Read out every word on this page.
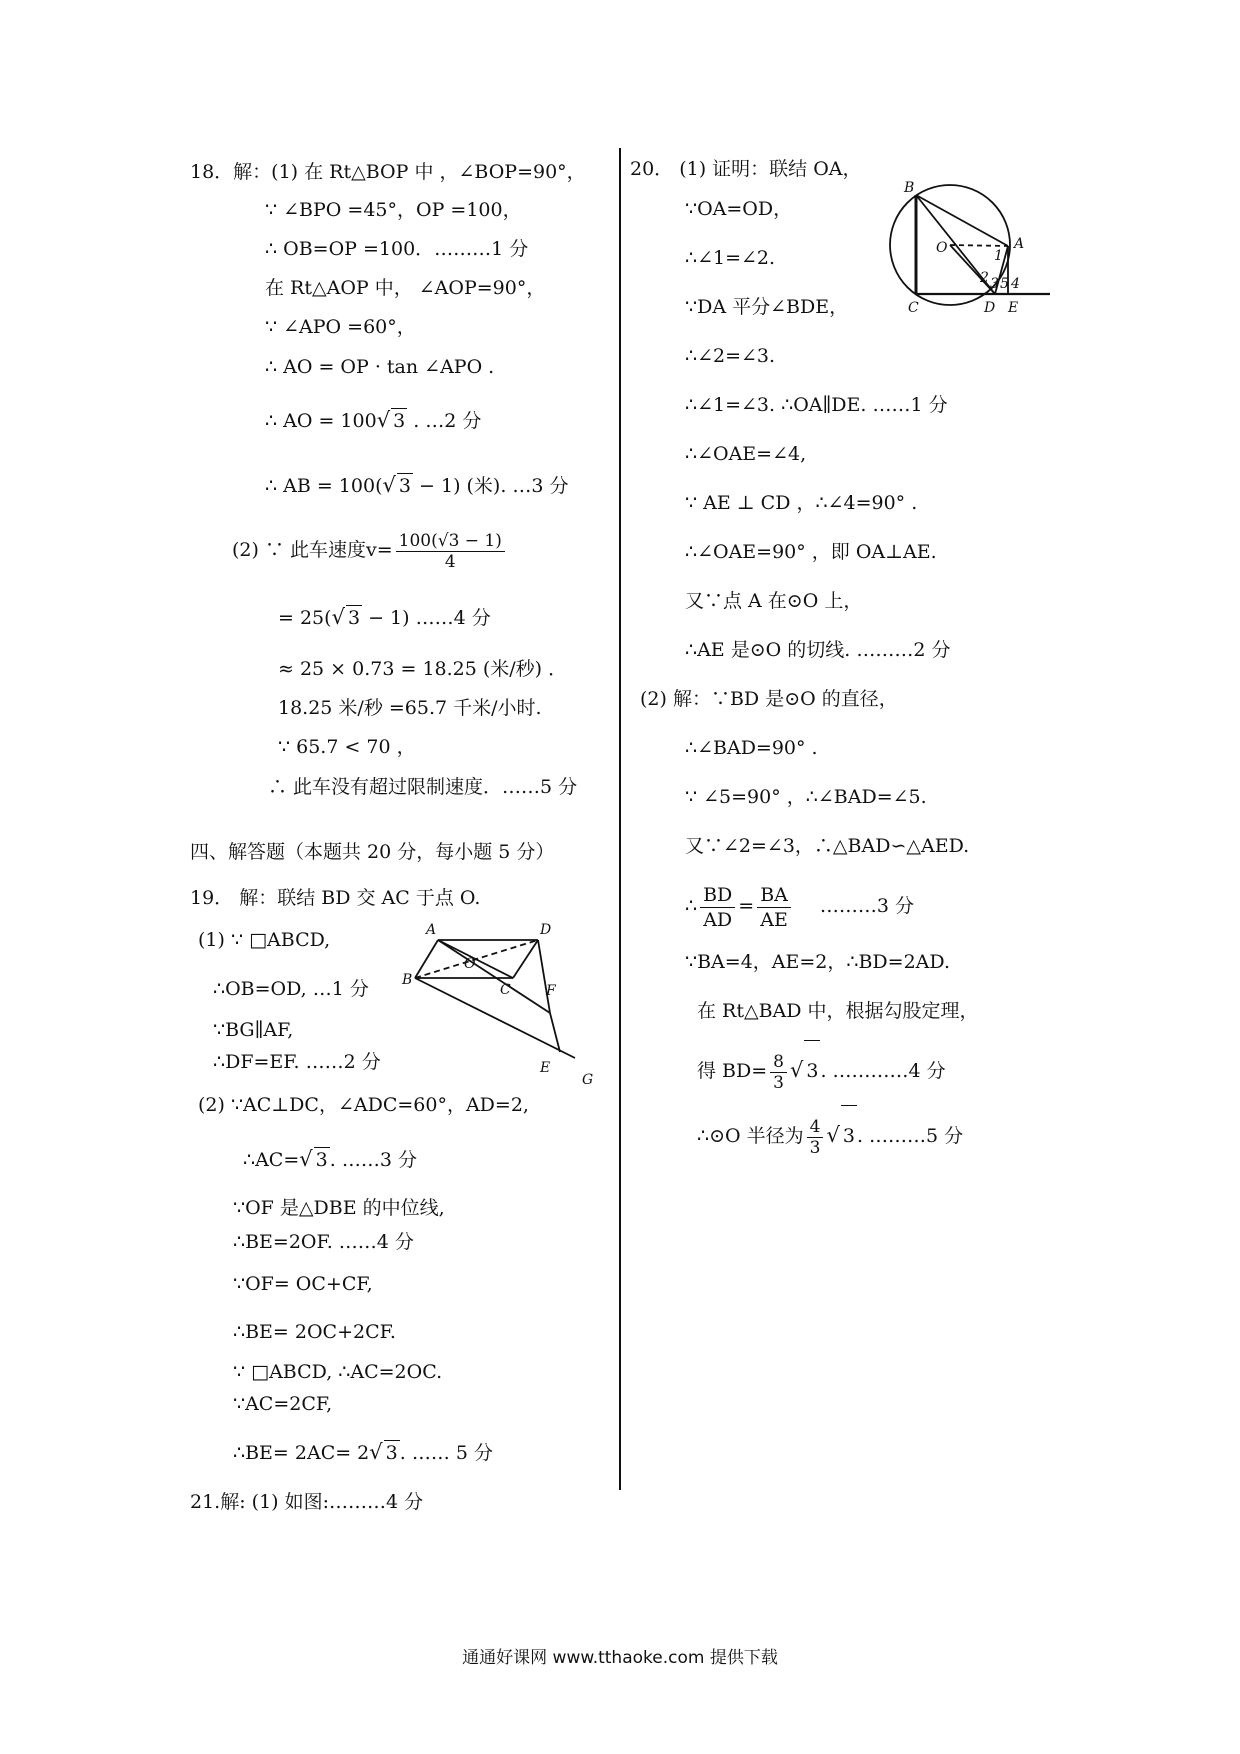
18．解：(1) 在 Rt△BOP 中 ，∠BOP=90°，
∵ ∠BPO =45°，OP =100，
∴ OB=OP =100．………1 分
在 Rt△AOP 中， ∠AOP=90°，
∵ ∠APO =60°，
∴ AO = OP · tan ∠APO .
∴ AO = 100√ 3 . …2 分
∴ AB = 100(√ 3 − 1) (米). …3 分
(2) ∵ 此车速度$v= \frac{100(√3 - 1)}{4}$
= 25(√ 3 − 1) ……4 分
≈ 25 × 0.73 = 18.25 (米/秒) ．
18.25 米/秒 =65.7 千米/小时.
∵ 65.7 < 70 ，
∴ 此车没有超过限制速度．……5 分
四、解答题（本题共 20 分，每小题 5 分）
19． 解：联结 BD 交 AC 于点 O.
(1) ∵ □ABCD,
∴OB=OD, …1 分
∵BG∥AF,
∴DF=EF. ……2 分
A	D
O
B
C	F
E
G
(2) ∵AC⊥DC，∠ADC=60°，AD=2,
∴AC=√ 3 . ……3 分
∵OF 是△DBE 的中位线,
∴BE=2OF. ……4 分
∵OF= OC+CF,
∴BE= 2OC+2CF.
∵ □ABCD, ∴AC=2OC.
∵AC=2CF,
∴BE= 2AC= 2√ 3 . …… 5 分
21.解: (1) 如图:………4 分
20． (1) 证明：联结 OA，
B
O	A
1
2 3 5 4
C	D E
∵OA=OD，
∴∠1=∠2.
∵DA 平分∠BDE，
∴∠2=∠3.
∴∠1=∠3. ∴OA∥DE. ……1 分
∴∠OAE=∠4,
∵ AE ⊥ CD ，∴∠4=90° .
∴∠OAE=90° ，即 OA⊥AE.
又∵点 A 在⊙O 上，
∴AE 是⊙O 的切线. ………2 分
(2) 解：∵BD 是⊙O 的直径，
∴∠BAD=90° .
∵ ∠5=90° ，∴∠BAD=∠5.
又∵∠2=∠3，∴△BAD∽△AED.
∴ $\frac{BD}{AD} = \frac{BA}{AE}$ ………3 分
∵BA=4，AE=2，∴BD=2AD.
在 Rt△BAD 中，根据勾股定理，
得 $BD= \frac{8}{3}$ √ 3 . …………4 分
∴⊙O 半径为 $\frac{4}{3}$ √ 3 . ………5 分
通通好课网 www.tthaoke.com 提供下载
